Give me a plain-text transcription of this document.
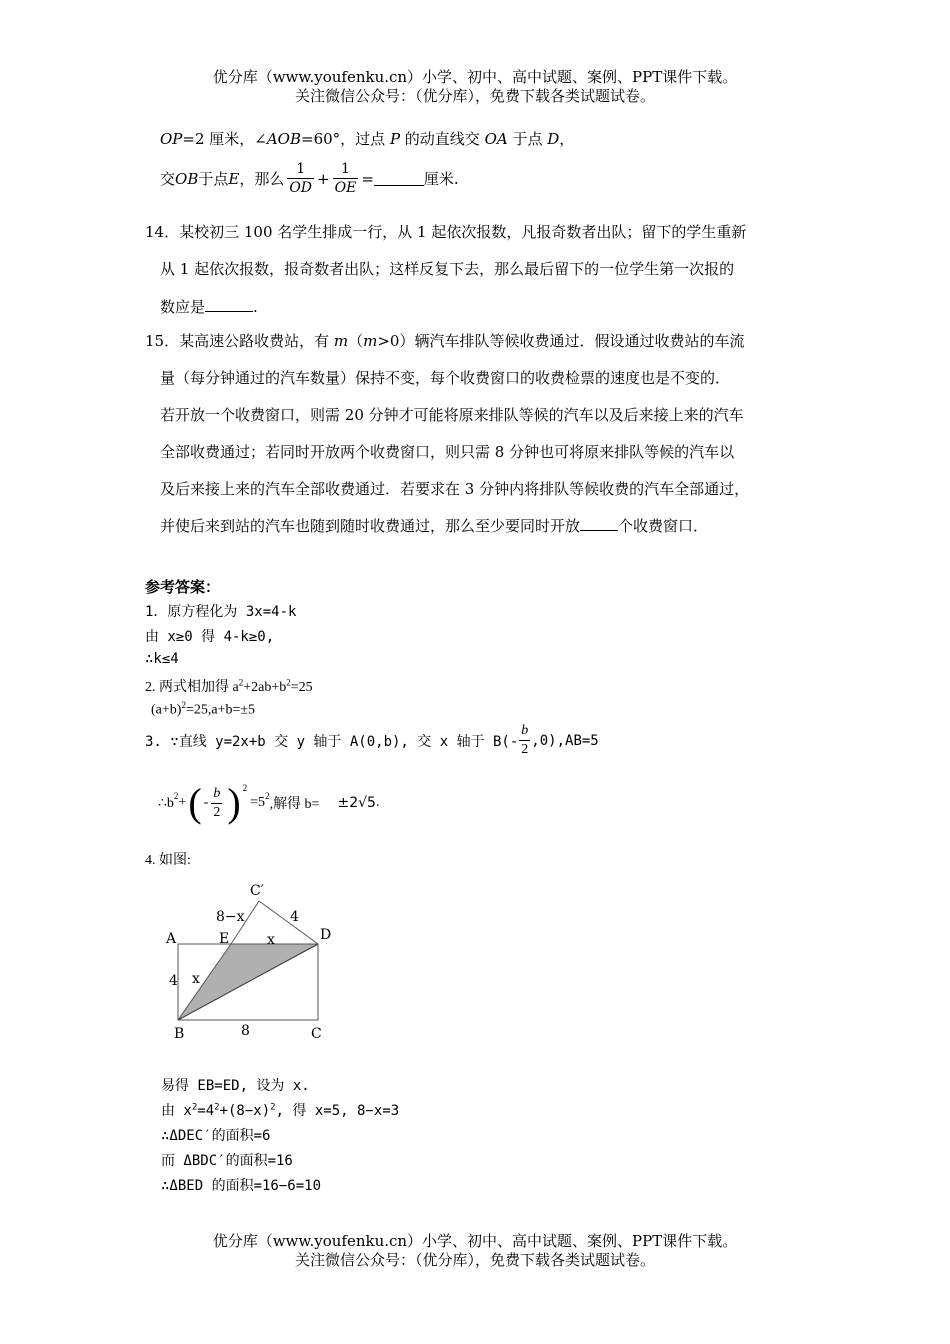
优分库（www.youfenku.cn）小学、初中、高中试题、案例、PPT课件下载。
关注微信公众号：（优分库），免费下载各类试题试卷。
OP=2 厘米，∠AOB=60°，过点 P 的动直线交 OA 于点 D，
交 OB 于点 E ，那么 $\frac{1}{OD} + \frac{1}{OE}$ =	厘米.
14．某校初三 100 名学生排成一行，从 1 起依次报数，凡报奇数者出队；留下的学生重新
从 1 起依次报数，报奇数者出队；这样反复下去，那么最后留下的一位学生第一次报的
数应是	.
15．某高速公路收费站，有 m（m>0）辆汽车排队等候收费通过．假设通过收费站的车流
量（每分钟通过的汽车数量）保持不变，每个收费窗口的收费检票的速度也是不变的．
若开放一个收费窗口，则需 20 分钟才可能将原来排队等候的汽车以及后来接上来的汽车
全部收费通过；若同时开放两个收费窗口，则只需 8 分钟也可将原来排队等候的汽车以
及后来接上来的汽车全部收费通过．若要求在 3 分钟内将排队等候收费的汽车全部通过，
并使后来到站的汽车也随到随时收费通过，那么至少要同时开放	个收费窗口．
参考答案：
1．原方程化为 3x=4-k
由 x≥0 得 4-k≥0,
∴k≤4
2. 两式相加得 $a^2+2ab+b^2=25$
$(a+b)^2=25,a+b=\pm 5$
3. ∵直线 y=2x+b 交 y 轴于 A(0,b), 交 x 轴于 $B(- \frac{b}{2} ,0),AB=5$
$\therefore b^2$ + ( - $\frac{b}{2} )^2$
$=5^2$
,解得 b= ±2√5 .
4. 如图:
C′
8−x	4
A	E	x	D
4 x
B	8	C
易得 EB=ED, 设为 x.
由 $x^2=4^2+(8-x)^2$, 得 x=5, 8−x=3
∴ΔDEC′的面积=6
而 ΔBDC′的面积=16
∴ΔBED 的面积=16−6=10
优分库（www.youfenku.cn）小学、初中、高中试题、案例、PPT课件下载。
关注微信公众号：（优分库），免费下载各类试题试卷。
